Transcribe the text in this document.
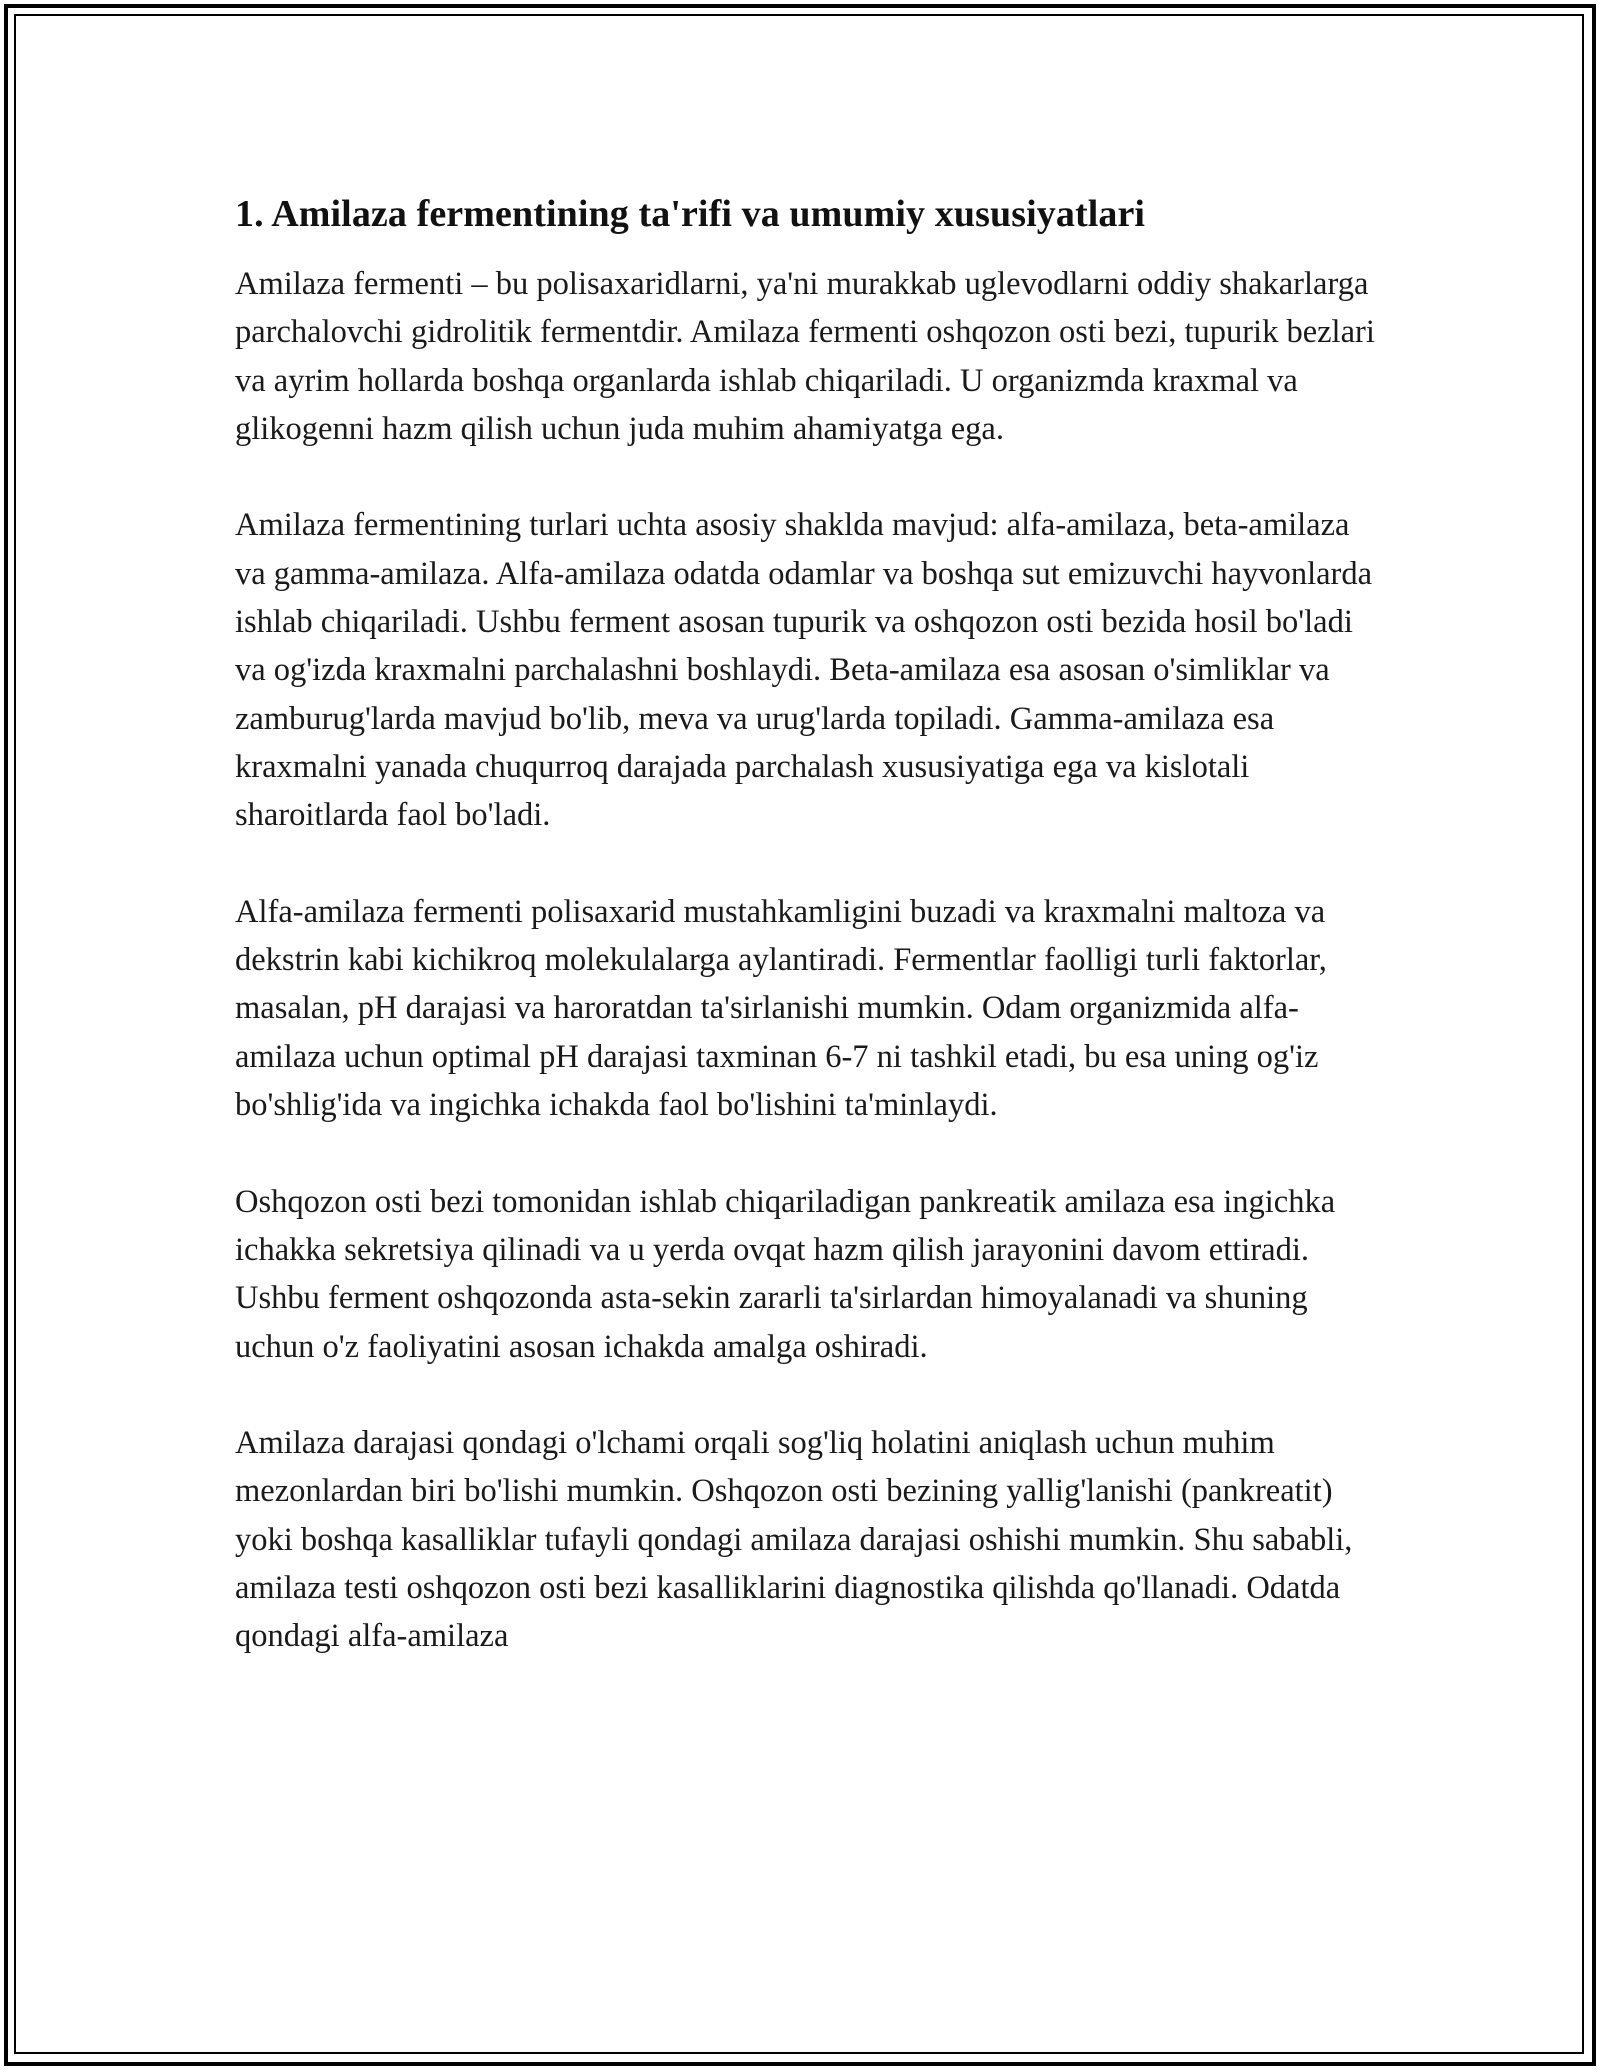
1. Amilaza fermentining ta'rifi va umumiy xususiyatlari

Amilaza fermenti – bu polisaxaridlarni, ya'ni murakkab uglevodlarni oddiy shakarlarga parchalovchi gidrolitik fermentdir. Amilaza fermenti oshqozon osti bezi, tupurik bezlari va ayrim hollarda boshqa organlarda ishlab chiqariladi. U organizmda kraxmal va glikogenni hazm qilish uchun juda muhim ahamiyatga ega.

Amilaza fermentining turlari uchta asosiy shaklda mavjud: alfa-amilaza, beta-amilaza va gamma-amilaza. Alfa-amilaza odatda odamlar va boshqa sut emizuvchi hayvonlarda ishlab chiqariladi. Ushbu ferment asosan tupurik va oshqozon osti bezida hosil bo'ladi va og'izda kraxmalni parchalashni boshlaydi. Beta-amilaza esa asosan o'simliklar va zamburug'larda mavjud bo'lib, meva va urug'larda topiladi. Gamma-amilaza esa kraxmalni yanada chuqurroq darajada parchalash xususiyatiga ega va kislotali sharoitlarda faol bo'ladi.

Alfa-amilaza fermenti polisaxarid mustahkamligini buzadi va kraxmalni maltoza va dekstrin kabi kichikroq molekulalarga aylantiradi. Fermentlar faolligi turli faktorlar, masalan, pH darajasi va haroratdan ta'sirlanishi mumkin. Odam organizmida alfa-amilaza uchun optimal pH darajasi taxminan 6-7 ni tashkil etadi, bu esa uning og'iz bo'shlig'ida va ingichka ichakda faol bo'lishini ta'minlaydi.

Oshqozon osti bezi tomonidan ishlab chiqariladigan pankreatik amilaza esa ingichka ichakka sekretsiya qilinadi va u yerda ovqat hazm qilish jarayonini davom ettiradi. Ushbu ferment oshqozonda asta-sekin zararli ta'sirlardan himoyalanadi va shuning uchun o'z faoliyatini asosan ichakda amalga oshiradi.

Amilaza darajasi qondagi o'lchami orqali sog'liq holatini aniqlash uchun muhim mezonlardan biri bo'lishi mumkin. Oshqozon osti bezining yallig'lanishi (pankreatit) yoki boshqa kasalliklar tufayli qondagi amilaza darajasi oshishi mumkin. Shu sababli, amilaza testi oshqozon osti bezi kasalliklarini diagnostika qilishda qo'llanadi. Odatda qondagi alfa-amilaza
